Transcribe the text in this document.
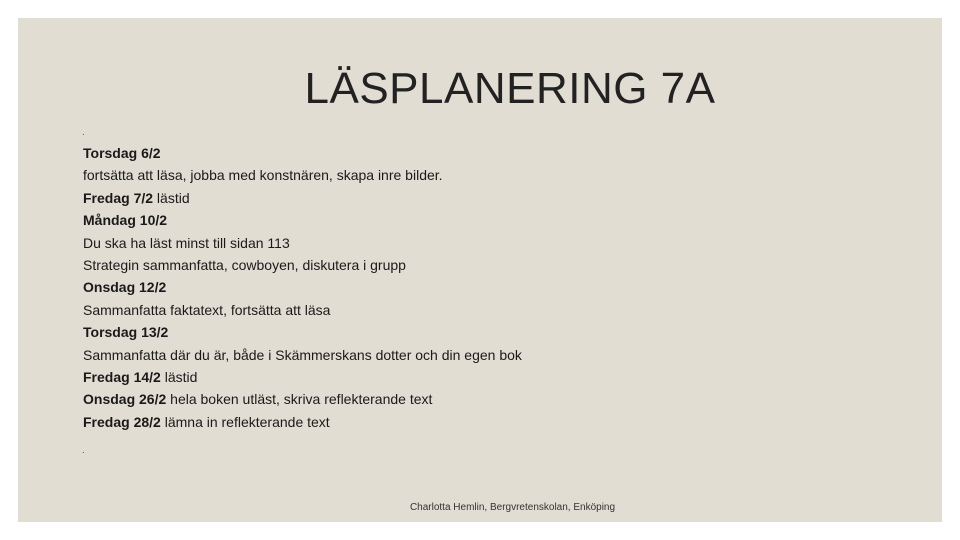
LÄSPLANERING 7A
.
Torsdag 6/2
fortsätta att läsa, jobba med konstnären, skapa inre bilder.
Fredag 7/2 lästid
Måndag 10/2
Du ska ha läst minst till sidan 113
Strategin sammanfatta, cowboyen, diskutera i grupp
Onsdag 12/2
Sammanfatta faktatext, fortsätta att läsa
Torsdag 13/2
Sammanfatta där du är, både i Skämmerskans dotter och din egen bok
Fredag 14/2 lästid
Onsdag 26/2 hela boken utläst, skriva reflekterande text
Fredag 28/2 lämna in reflekterande text
.
Charlotta Hemlin, Bergvretenskolan, Enköping
